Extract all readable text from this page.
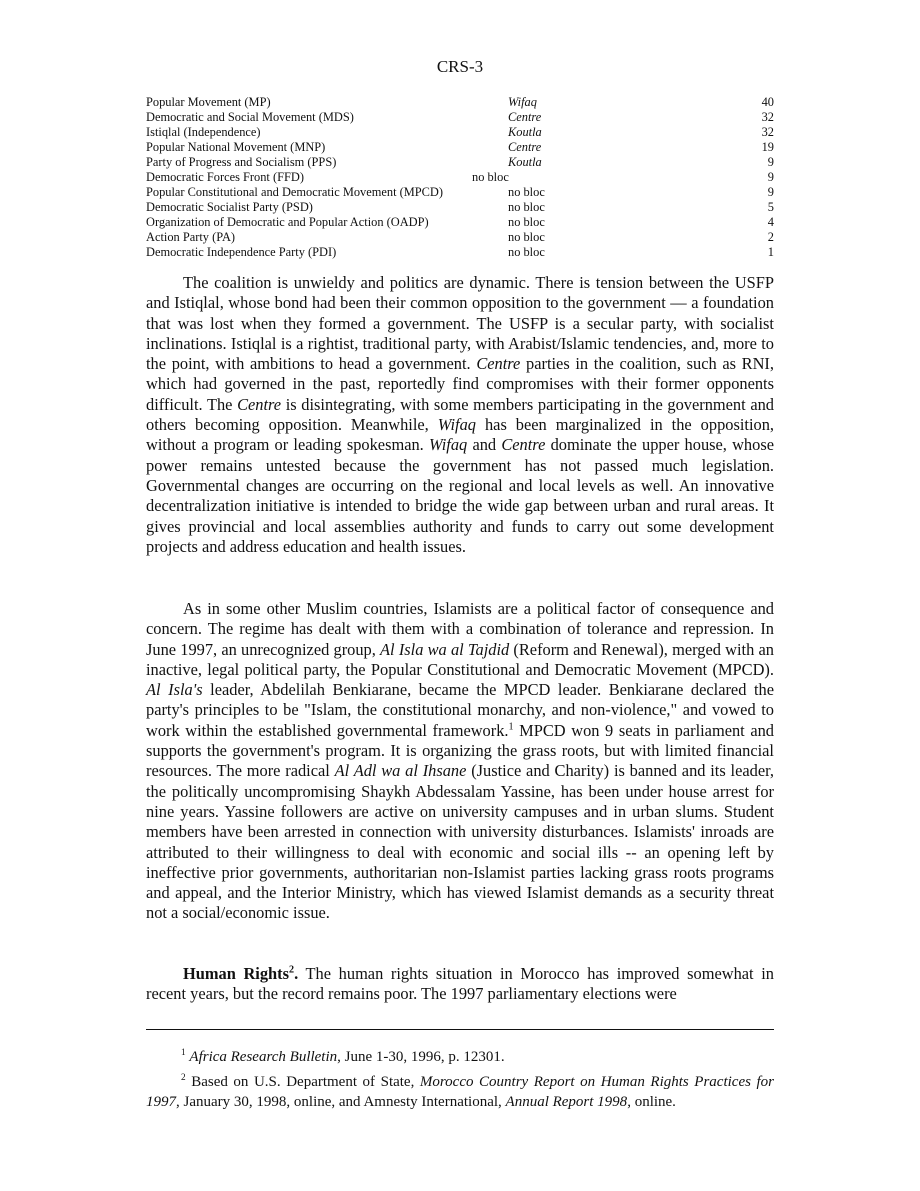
CRS-3
Popular Movement (MP)	Wifaq	40
Democratic and Social Movement (MDS)	Centre	32
Istiqlal (Independence)	Koutla	32
Popular National Movement (MNP)	Centre	19
Party of Progress and Socialism (PPS)	Koutla	9
Democratic Forces Front (FFD)	no bloc	9
Popular Constitutional and Democratic Movement (MPCD)	no bloc	9
Democratic Socialist Party (PSD)	no bloc	5
Organization of Democratic and Popular Action (OADP)	no bloc	4
Action Party (PA)	no bloc	2
Democratic Independence Party (PDI)	no bloc	1

The coalition is unwieldy and politics are dynamic. There is tension between the USFP and Istiqlal, whose bond had been their common opposition to the government — a foundation that was lost when they formed a government. The USFP is a secular party, with socialist inclinations. Istiqlal is a rightist, traditional party, with Arabist/Islamic tendencies, and, more to the point, with ambitions to head a government. Centre parties in the coalition, such as RNI, which had governed in the past, reportedly find compromises with their former opponents difficult. The Centre is disintegrating, with some members participating in the government and others becoming opposition. Meanwhile, Wifaq has been marginalized in the opposition, without a program or leading spokesman. Wifaq and Centre dominate the upper house, whose power remains untested because the government has not passed much legislation. Governmental changes are occurring on the regional and local levels as well. An innovative decentralization initiative is intended to bridge the wide gap between urban and rural areas. It gives provincial and local assemblies authority and funds to carry out some development projects and address education and health issues.

As in some other Muslim countries, Islamists are a political factor of consequence and concern. The regime has dealt with them with a combination of tolerance and repression. In June 1997, an unrecognized group, Al Isla wa al Tajdid (Reform and Renewal), merged with an inactive, legal political party, the Popular Constitutional and Democratic Movement (MPCD). Al Isla's leader, Abdelilah Benkiarane, became the MPCD leader. Benkiarane declared the party's principles to be "Islam, the constitutional monarchy, and non-violence," and vowed to work within the established governmental framework.$^1$ MPCD won 9 seats in parliament and supports the government's program. It is organizing the grass roots, but with limited financial resources. The more radical Al Adl wa al Ihsane (Justice and Charity) is banned and its leader, the politically uncompromising Shaykh Abdessalam Yassine, has been under house arrest for nine years. Yassine followers are active on university campuses and in urban slums. Student members have been arrested in connection with university disturbances. Islamists' inroads are attributed to their willingness to deal with economic and social ills -- an opening left by ineffective prior governments, authoritarian non-Islamist parties lacking grass roots programs and appeal, and the Interior Ministry, which has viewed Islamist demands as a security threat not a social/economic issue.

Human Rights$^2$. The human rights situation in Morocco has improved somewhat in recent years, but the record remains poor. The 1997 parliamentary elections were

$^1$ Africa Research Bulletin, June 1-30, 1996, p. 12301.

$^2$ Based on U.S. Department of State, Morocco Country Report on Human Rights Practices for 1997, January 30, 1998, online, and Amnesty International, Annual Report 1998, online.
